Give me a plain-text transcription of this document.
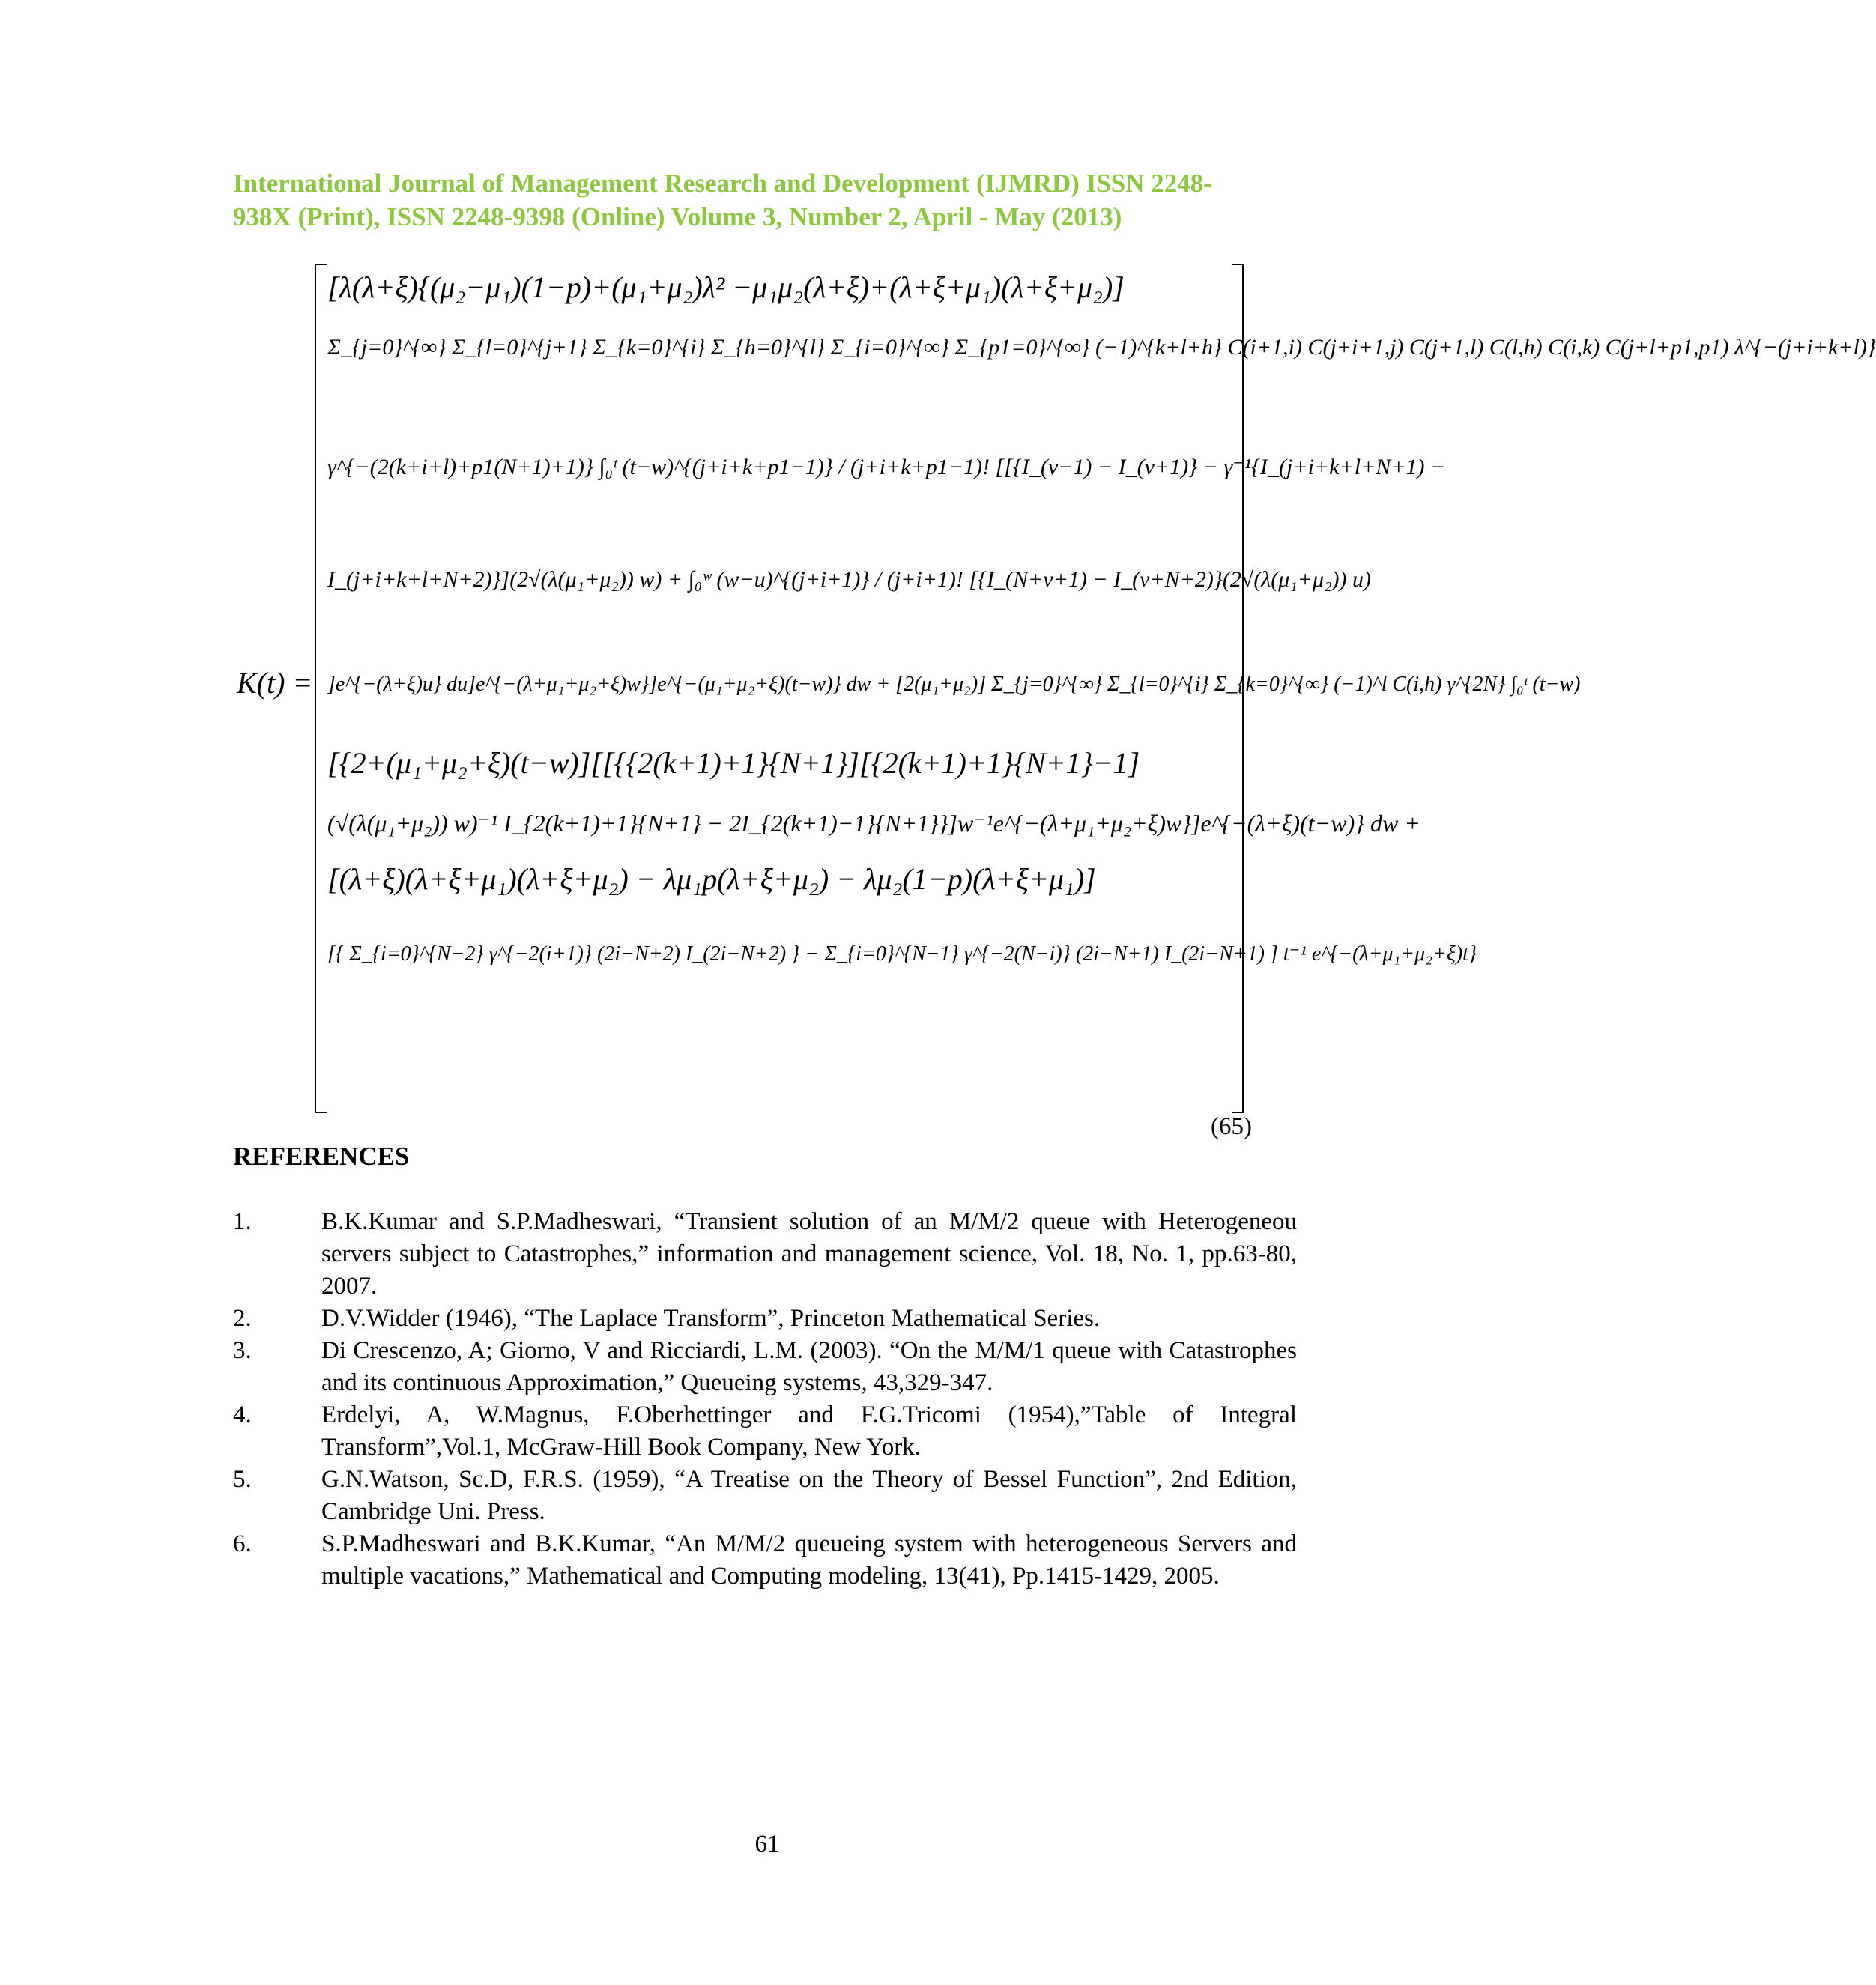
International Journal of Management Research and Development (IJMRD) ISSN 2248-
938X (Print), ISSN 2248-9398 (Online) Volume 3, Number 2, April - May (2013)
K(t) =
[λ(λ+ξ){(μ₂−μ₁)(1−p)+(μ₁+μ₂)λ² −μ₁μ₂(λ+ξ)+(λ+ξ+μ₁)(λ+ξ+μ₂)]
Σ_{j=0}^{∞} Σ_{l=0}^{j+1} Σ_{k=0}^{i} Σ_{h=0}^{l} Σ_{i=0}^{∞} Σ_{p1=0}^{∞} (−1)^{k+l+h} C(i+1,i) C(j+i+1,j) C(j+1,l) C(l,h) C(i,k) C(j+l+p1,p1) λ^{−(j+i+k+l)}
γ^{−(2(k+i+l)+p1(N+1)+1)} ∫₀ᵗ (t−w)^{(j+i+k+p1−1)} / (j+i+k+p1−1)! [[{I_(v−1) − I_(v+1)} − γ⁻¹{I_(j+i+k+l+N+1) −
I_(j+i+k+l+N+2)}](2√(λ(μ₁+μ₂)) w) + ∫₀ʷ (w−u)^{(j+i+1)} / (j+i+1)! [{I_(N+v+1) − I_(v+N+2)}(2√(λ(μ₁+μ₂)) u)
]e^{−(λ+ξ)u} du]e^{−(λ+μ₁+μ₂+ξ)w}]e^{−(μ₁+μ₂+ξ)(t−w)} dw + [2(μ₁+μ₂)] Σ_{j=0}^{∞} Σ_{l=0}^{i} Σ_{k=0}^{∞} (−1)^l C(i,h) γ^{2N} ∫₀ᵗ (t−w)
[{2+(μ₁+μ₂+ξ)(t−w)][[{{2(k+1)+1}{N+1}][{2(k+1)+1}{N+1}−1]
(√(λ(μ₁+μ₂)) w)⁻¹ I_{2(k+1)+1}{N+1} − 2I_{2(k+1)−1}{N+1}}]w⁻¹e^{−(λ+μ₁+μ₂+ξ)w}]e^{−(λ+ξ)(t−w)} dw +
[(λ+ξ)(λ+ξ+μ₁)(λ+ξ+μ₂) − λμ₁p(λ+ξ+μ₂) − λμ₂(1−p)(λ+ξ+μ₁)]
[{ Σ_{i=0}^{N−2} γ^{−2(i+1)} (2i−N+2) I_(2i−N+2) } − Σ_{i=0}^{N−1} γ^{−2(N−i)} (2i−N+1) I_(2i−N+1) ] t⁻¹ e^{−(λ+μ₁+μ₂+ξ)t}
(65)
REFERENCES
1.	B.K.Kumar and S.P.Madheswari, “Transient solution of an M/M/2 queue with Heterogeneou servers subject to Catastrophes,” information and management science, Vol. 18, No. 1, pp.63-80, 2007.
2.	D.V.Widder (1946), “The Laplace Transform”, Princeton Mathematical Series.
3.	Di Crescenzo, A; Giorno, V and Ricciardi, L.M. (2003). “On the M/M/1 queue with Catastrophes and its continuous Approximation,” Queueing systems, 43,329-347.
4.	Erdelyi, A, W.Magnus, F.Oberhettinger and F.G.Tricomi (1954),”Table of Integral Transform”,Vol.1, McGraw-Hill Book Company, New York.
5.	G.N.Watson, Sc.D, F.R.S. (1959), “A Treatise on the Theory of Bessel Function”, 2nd Edition, Cambridge Uni. Press.
6.	S.P.Madheswari and B.K.Kumar, “An M/M/2 queueing system with heterogeneous Servers and multiple vacations,” Mathematical and Computing modeling, 13(41), Pp.1415-1429, 2005.
61
